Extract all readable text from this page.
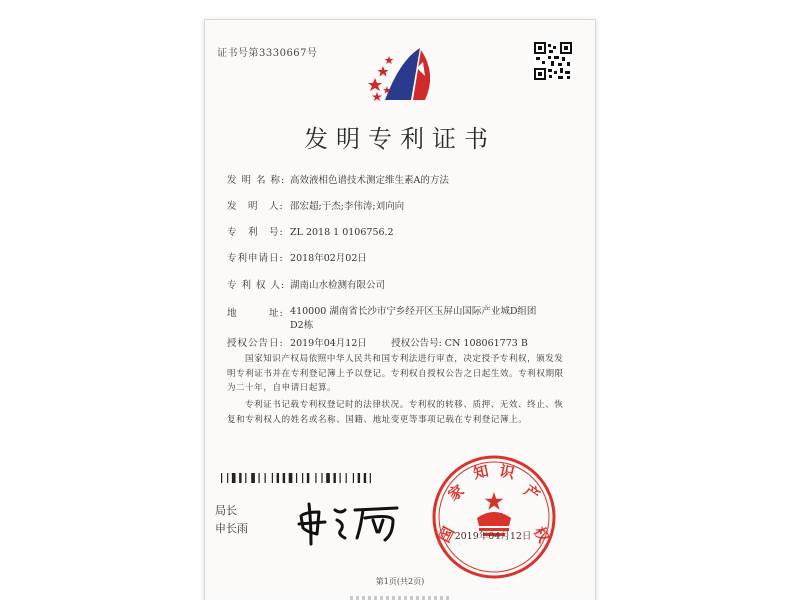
证书号第3330667号
发明专利证书
发 明 名 称: 高效液相色谱技术测定维生素A的方法
发　明　人: 邵宏超;于杰;李伟涛;刘向向
专　利　号: ZL 2018 1 0106756.2
专利申请日: 2018年02月02日
专 利 权 人: 湖南山水检测有限公司
地　　　址: 410000 湖南省长沙市宁乡经开区玉屏山国际产业城D组团D2栋
授权公告日: 2019年04月12日	授权公告号: CN 108061773 B

国家知识产权局依照中华人民共和国专利法进行审查，决定授予专利权，颁发发明专利证书并在专利登记簿上予以登记。专利权自授权公告之日起生效。专利权期限为二十年，自申请日起算。

专利证书记载专利权登记时的法律状况。专利权的转移、质押、无效、终止、恢复和专利权人的姓名或名称、国籍、地址变更等事项记载在专利登记簿上。

局长
申长雨	国
家
知 识
产
权
2019年04月12日
第1页(共2页)
